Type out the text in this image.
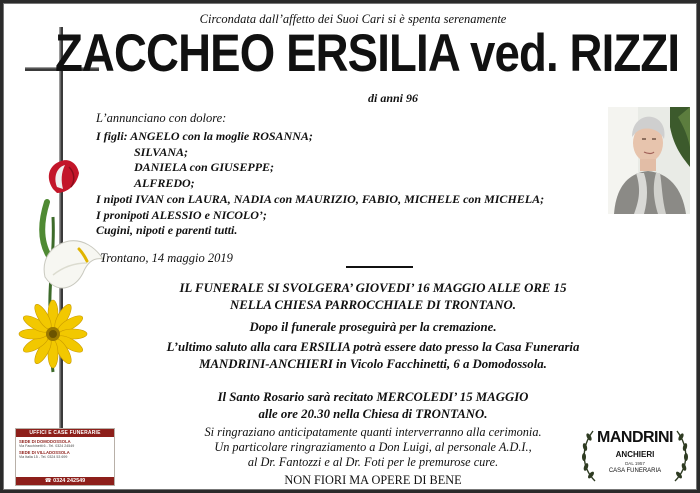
Circondata dall’affetto dei Suoi Cari si è spenta serenamente

ZACCHEO ERSILIA ved. RIZZI

di anni 96

L’annunciano con dolore:

I figli: ANGELO con la moglie ROSANNA;
SILVANA;
DANIELA con GIUSEPPE;
ALFREDO;
I nipoti IVAN con LAURA, NADIA con MAURIZIO, FABIO, MICHELE con MICHELA;
I pronipoti ALESSIO e NICOLO’;
Cugini, nipoti e parenti tutti.

Trontano, 14 maggio 2019

IL FUNERALE SI SVOLGERA’ GIOVEDI’ 16 MAGGIO ALLE ORE 15
NELLA CHIESA PARROCCHIALE DI TRONTANO.
Dopo il funerale proseguirà per la cremazione.
L’ultimo saluto alla cara ERSILIA potrà essere dato presso la Casa Funeraria
MANDRINI-ANCHIERI in Vicolo Facchinetti, 6 a Domodossola.
Il Santo Rosario sarà recitato MERCOLEDI’ 15 MAGGIO
alle ore 20.30 nella Chiesa di TRONTANO.
Si ringraziano anticipatamente quanti interverranno alla cerimonia.
Un particolare ringraziamento a Don Luigi, al personale A.D.I.,
al Dr. Fantozzi e al Dr. Foti per le premurose cure.

NON FIORI MA OPERE DI BENE

UFFICI E CASE FUNERARIE
SEDE DI DOMODOSSOLA
Via Facchinetti 6 - Tel. 0324 24549
SEDE DI VILLADOSSOLA
Via Italia 15 - Tel. 0324 53 699
☎ 0324 242549
MANDRINI
ANCHIERI
DAL 1957
CASA FUNERARIA
